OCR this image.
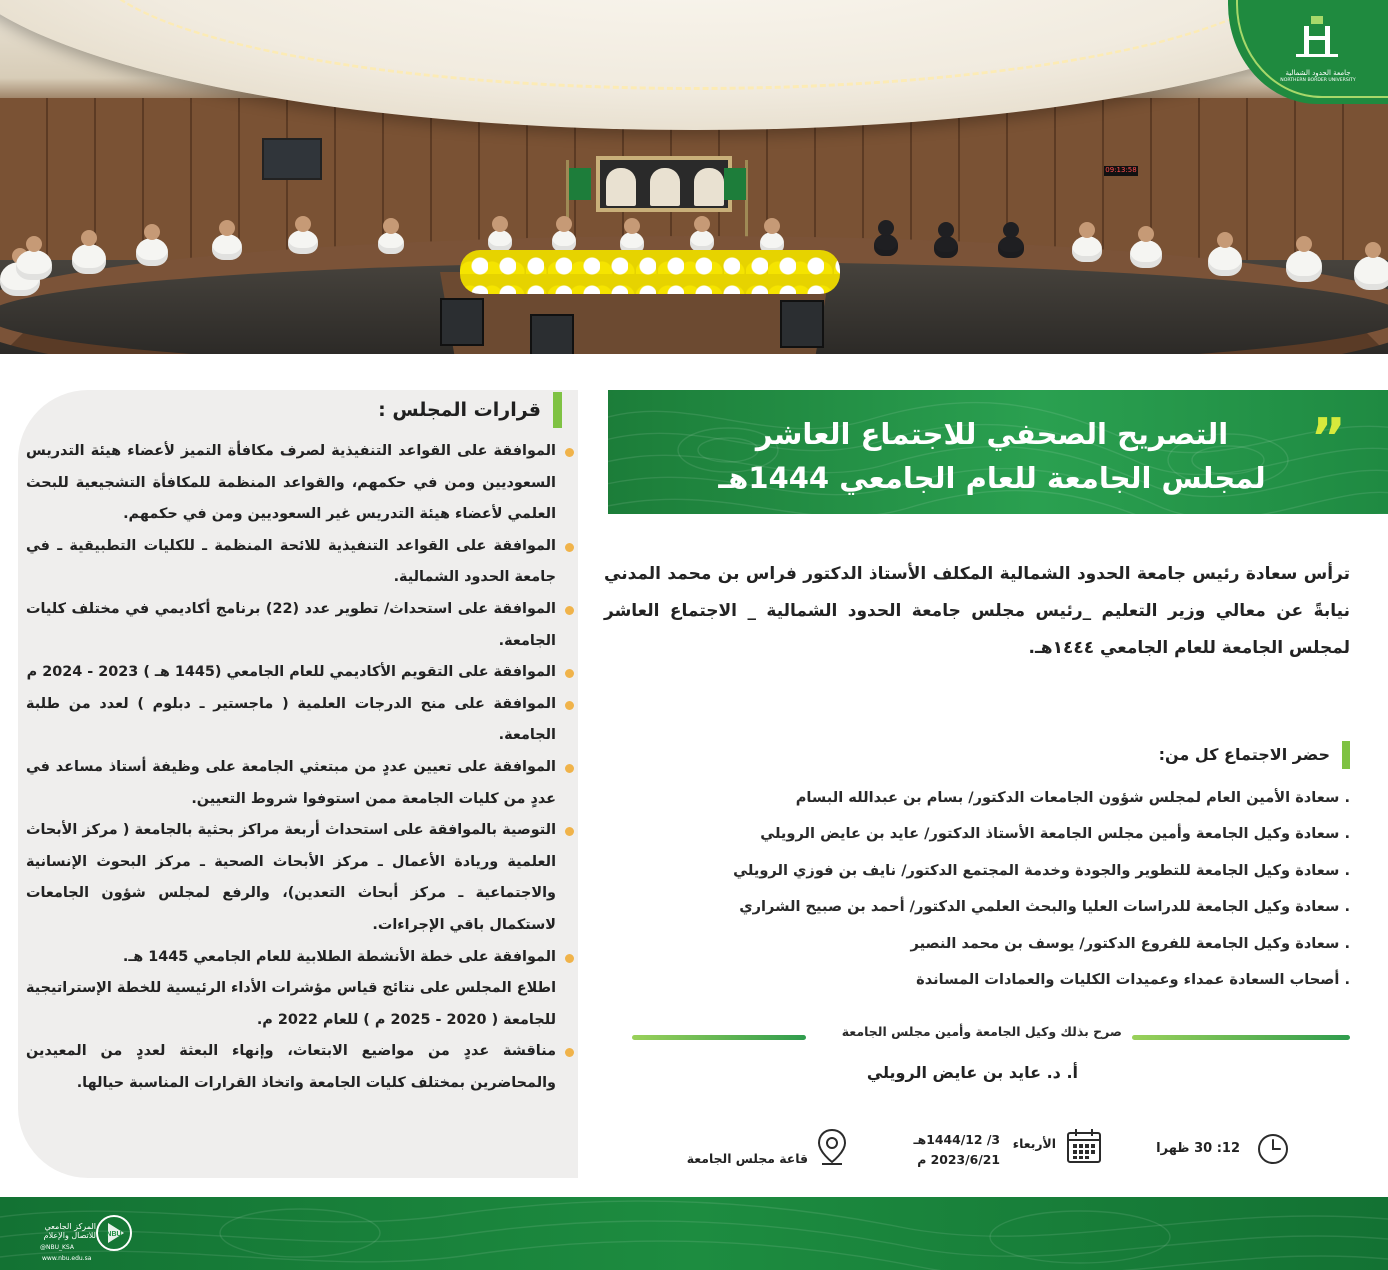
09:13:58
جامعة الحدود الشمالية
NORTHERN BORDER UNIVERSITY
قرارات المجلس :
الموافقة على القواعد التنفيذية لصرف مكافأة التميز لأعضاء هيئة التدريس السعوديين ومن في حكمهم، والقواعد المنظمة للمكافأة التشجيعية للبحث العلمي لأعضاء هيئة التدريس غير السعوديين ومن في حكمهم.
الموافقة على القواعد التنفيذية للائحة المنظمة ـ للكليات التطبيقية ـ في جامعة الحدود الشمالية.
الموافقة على استحداث/ تطوير عدد (22) برنامج أكاديمي في مختلف كليات الجامعة.
الموافقة على التقويم الأكاديمي للعام الجامعي (1445 هـ ) 2023 - 2024 م
الموافقة على منح الدرجات العلمية ( ماجستير ـ دبلوم ) لعدد من طلبة الجامعة.
الموافقة على تعيين عددٍ من مبتعثي الجامعة على وظيفة أستاذ مساعد في عددٍ من كليات الجامعة ممن استوفوا شروط التعيين.
التوصية بالموافقة على استحداث أربعة مراكز بحثية بالجامعة ( مركز الأبحاث العلمية وريادة الأعمال ـ مركز الأبحاث الصحية ـ مركز البحوث الإنسانية والاجتماعية ـ مركز أبحاث التعدين)، والرفع لمجلس شؤون الجامعات لاستكمال باقي الإجراءات.
الموافقة على خطة الأنشطة الطلابية للعام الجامعي 1445 هـ.
اطلاع المجلس على نتائج قياس مؤشرات الأداء الرئيسية للخطة الإستراتيجية للجامعة ( 2020 - 2025 م ) للعام 2022 م.
مناقشة عددٍ من مواضيع الابتعاث، وإنهاء البعثة لعددٍ من المعيدين والمحاضرين بمختلف كليات الجامعة واتخاذ القرارات المناسبة حيالها.
”
التصريح الصحفي للاجتماع العاشر
لمجلس الجامعة للعام الجامعي 1444هـ
ترأس سعادة رئيس جامعة الحدود الشمالية المكلف الأستاذ الدكتور فراس بن محمد المدني نيابةً عن معالي وزير التعليم _رئيس مجلس جامعة الحدود الشمالية _ الاجتماع العاشر لمجلس الجامعة للعام الجامعي ١٤٤٤هـ.
حضر الاجتماع كل من:
. سعادة الأمين العام لمجلس شؤون الجامعات الدكتور/ بسام بن عبدالله البسام
. سعادة وكيل الجامعة وأمين مجلس الجامعة الأستاذ الدكتور/ عايد بن عايض الرويلي
. سعادة وكيل الجامعة للتطوير والجودة وخدمة المجتمع الدكتور/ نايف بن فوزي الرويلي
. سعادة وكيل الجامعة للدراسات العليا والبحث العلمي الدكتور/ أحمد بن صبيح الشراري
. سعادة وكيل الجامعة للفروع الدكتور/ يوسف بن محمد النصير
. أصحاب السعادة عمداء وعميدات الكليات والعمادات المساندة
صرح بذلك وكيل الجامعة وأمين مجلس الجامعة
أ. د. عايد بن عايض الرويلي
12: 30 ظهرا
الأربعاء
3/ 1444/12هـ
2023/6/21 م
قاعة مجلس الجامعة
NBU
المركز الجامعي
للاتصال والإعلام
@NBU_KSA
www.nbu.edu.sa
